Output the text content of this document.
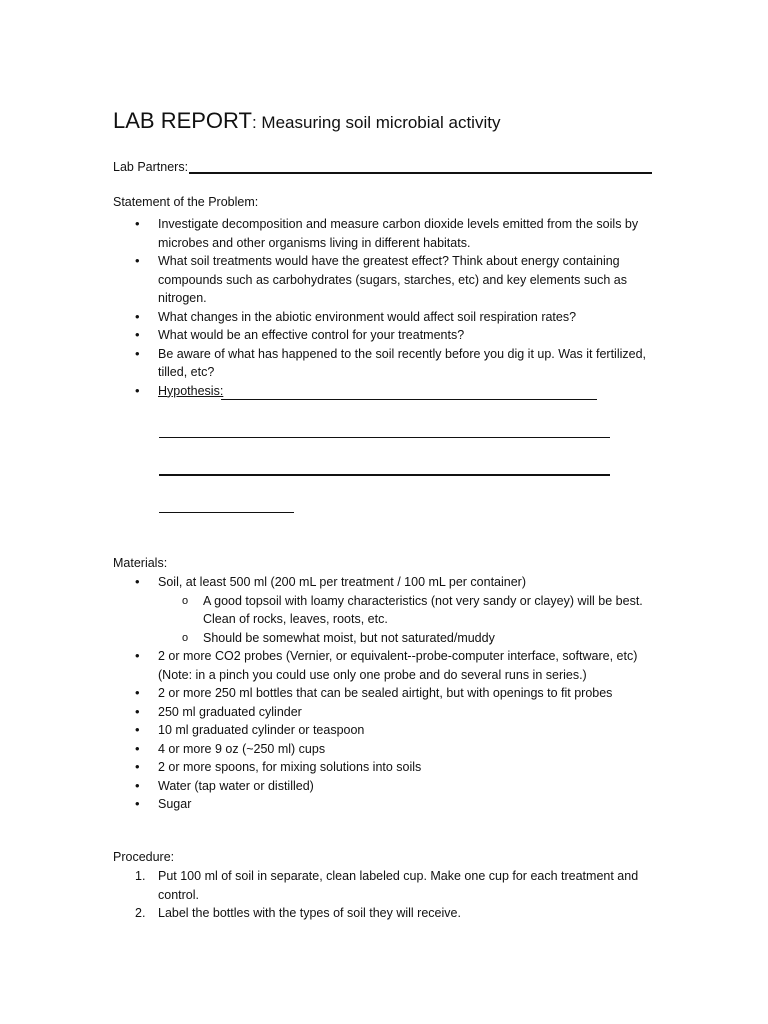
LAB REPORT: Measuring soil microbial activity
Lab Partners:
Statement of the Problem:
• Investigate decomposition and measure carbon dioxide levels emitted from the soils by microbes and other organisms living in different habitats.
• What soil treatments would have the greatest effect? Think about energy containing compounds such as carbohydrates (sugars, starches, etc) and key elements such as nitrogen.
• What changes in the abiotic environment would affect soil respiration rates?
• What would be an effective control for your treatments?
• Be aware of what has happened to the soil recently before you dig it up. Was it fertilized, tilled, etc?
• Hypothesis:
Materials:
• Soil, at least 500 ml (200 mL per treatment / 100 mL per container)
o A good topsoil with loamy characteristics (not very sandy or clayey) will be best. Clean of rocks, leaves, roots, etc.
o Should be somewhat moist, but not saturated/muddy
• 2 or more CO2 probes (Vernier, or equivalent--probe-computer interface, software, etc) (Note: in a pinch you could use only one probe and do several runs in series.)
• 2 or more 250 ml bottles that can be sealed airtight, but with openings to fit probes
• 250 ml graduated cylinder
• 10 ml graduated cylinder or teaspoon
• 4 or more 9 oz (~250 ml) cups
• 2 or more spoons, for mixing solutions into soils
• Water (tap water or distilled)
• Sugar
Procedure:
1. Put 100 ml of soil in separate, clean labeled cup. Make one cup for each treatment and control.
2. Label the bottles with the types of soil they will receive.
